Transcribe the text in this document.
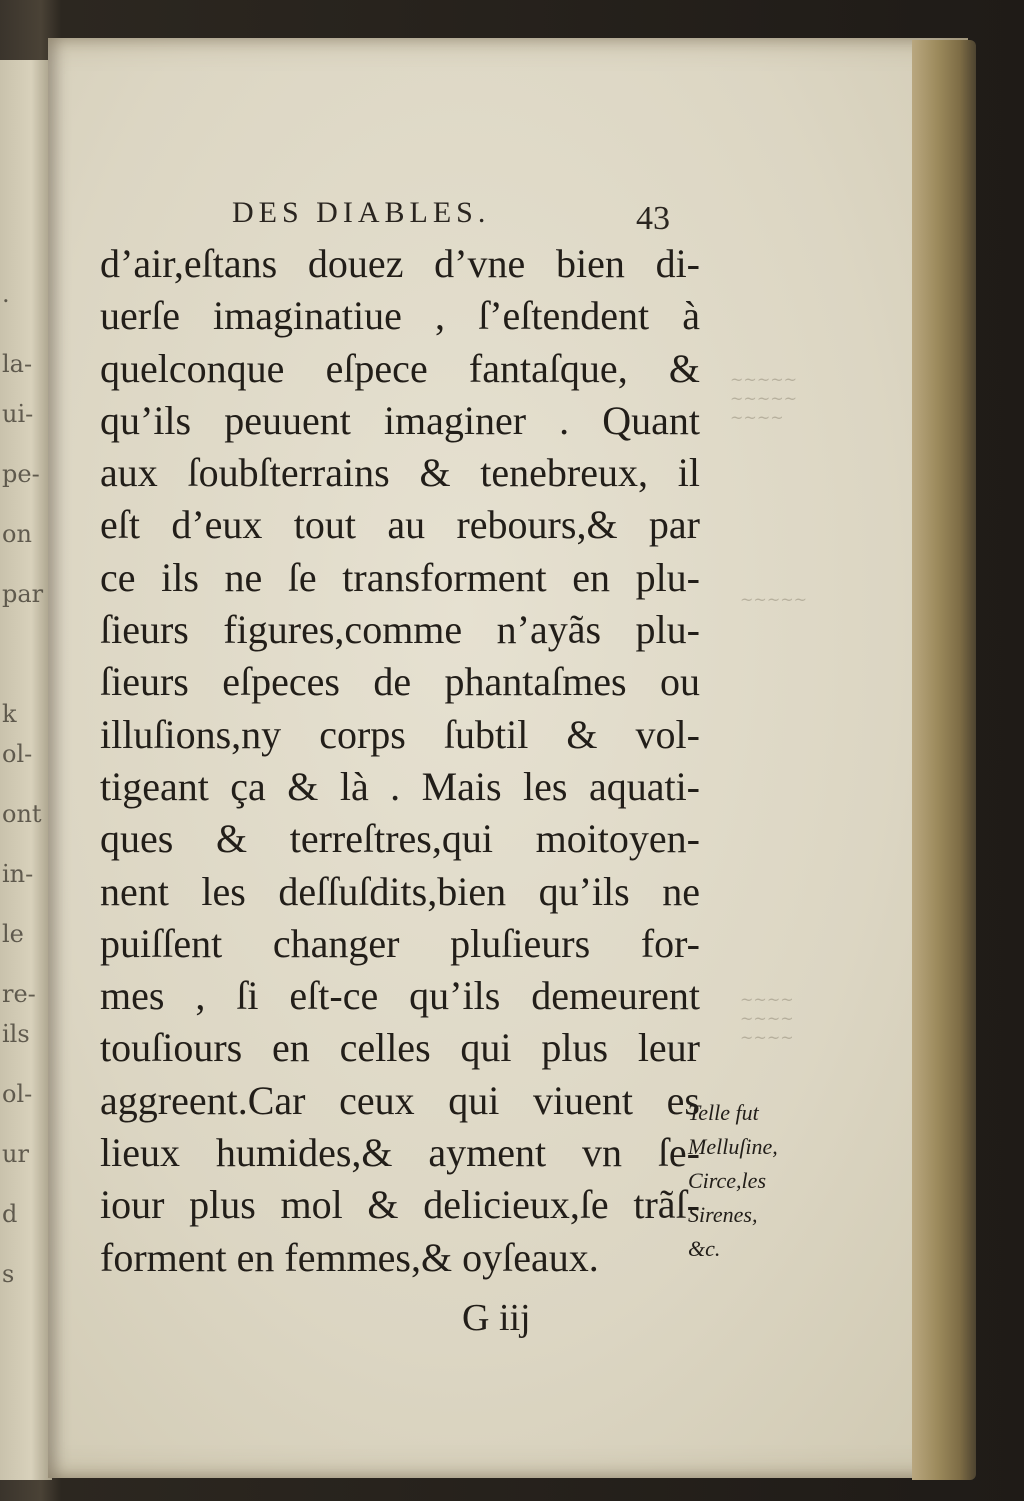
.
la-
ui-
pe-
on
par
k
ol-
ont
in-
le
re-
ils
ol-
ur
d
s
~~~~~
~~~~~
~~~~
~~~~~
~~~~
~~~~
~~~~
DES DIABLES.	43
d’air,eſtans douez d’vne bien di-
uerſe imaginatiue , ſ’eſtendent à
quelconque eſpece fantaſque, &
qu’ils peuuent imaginer . Quant
aux ſoubſterrains & tenebreux, il
eſt d’eux tout au rebours,& par
ce ils ne ſe transforment en plu-
ſieurs figures,comme n’ayãs plu-
ſieurs eſpeces de phantaſmes ou
illuſions,ny corps ſubtil & vol-
tigeant ça & là . Mais les aquati-
ques & terreſtres,qui moitoyen-
nent les deſſuſdits,bien qu’ils ne
puiſſent changer pluſieurs for-
mes , ſi eſt-ce qu’ils demeurent
touſiours en celles qui plus leur
aggreent.Car ceux qui viuent es
lieux humides,& ayment vn ſe-
iour plus mol & delicieux,ſe trãſ-
forment en femmes,& oyſeaux.
Telle fut
Melluſine,
Circe,les
Sirenes,
&c.
G iij
